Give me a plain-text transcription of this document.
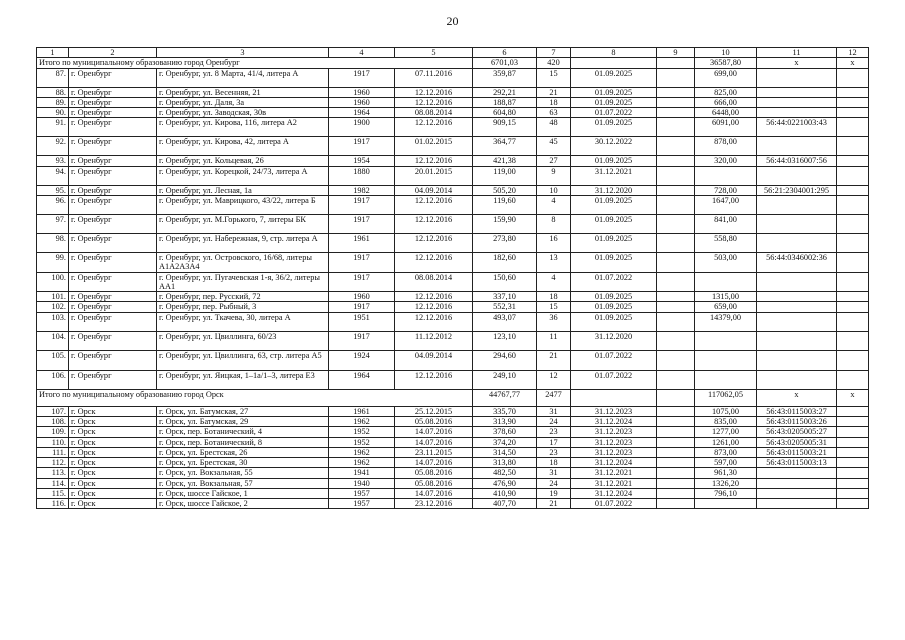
20
1	2	3	4	5	6	7	8	9	10	11	12
Итого по муниципальному образованию город Оренбург					6701,03	420			36587,80	х	х
87.	г. Оренбург	г. Оренбург, ул. 8 Марта, 41/4, литера А	1917	07.11.2016	359,87	15	01.09.2025		699,00		
88.	г. Оренбург	г. Оренбург, ул. Весенняя, 21	1960	12.12.2016	292,21	21	01.09.2025		825,00		
89.	г. Оренбург	г. Оренбург, ул. Даля, 3а	1960	12.12.2016	188,87	18	01.09.2025		666,00		
90.	г. Оренбург	г. Оренбург, ул. Заводская, 30в	1964	08.08.2014	604,80	63	01.07.2022		6448,00		
91.	г. Оренбург	г. Оренбург, ул. Кирова, 116, литера А2	1900	12.12.2016	909,15	48	01.09.2025		6091,00	56:44:0221003:43	
92.	г. Оренбург	г. Оренбург, ул. Кирова, 42, литера А	1917	01.02.2015	364,77	45	30.12.2022		878,00		
93.	г. Оренбург	г. Оренбург, ул. Кольцевая, 26	1954	12.12.2016	421,38	27	01.09.2025		320,00	56:44:0316007:56	
94.	г. Оренбург	г. Оренбург, ул. Корецкой, 24/73, литера А	1880	20.01.2015	119,00	9	31.12.2021				
95.	г. Оренбург	г. Оренбург, ул. Лесная, 1а	1982	04.09.2014	505,20	10	31.12.2020		728,00	56:21:2304001:295	
96.	г. Оренбург	г. Оренбург, ул. Маврицкого, 43/22, литера Б	1917	12.12.2016	119,60	4	01.09.2025		1647,00		
97.	г. Оренбург	г. Оренбург, ул. М.Горького, 7, литеры БК	1917	12.12.2016	159,90	8	01.09.2025		841,00		
98.	г. Оренбург	г. Оренбург, ул. Набережная, 9, стр. литера А	1961	12.12.2016	273,80	16	01.09.2025		558,80		
99.	г. Оренбург	г. Оренбург, ул. Островского, 16/68, литеры А1А2А3А4	1917	12.12.2016	182,60	13	01.09.2025		503,00	56:44:0346002:36	
100.	г. Оренбург	г. Оренбург, ул. Пугачевская 1-я, 36/2, литеры АА1	1917	08.08.2014	150,60	4	01.07.2022				
101.	г. Оренбург	г. Оренбург, пер. Русский, 72	1960	12.12.2016	337,10	18	01.09.2025		1315,00		
102.	г. Оренбург	г. Оренбург, пер. Рыбный, 3	1917	12.12.2016	552,31	15	01.09.2025		659,00		
103.	г. Оренбург	г. Оренбург, ул. Ткачева, 30, литера А	1951	12.12.2016	493,07	36	01.09.2025		14379,00		
104.	г. Оренбург	г. Оренбург, ул. Цвиллинга, 60/23	1917	11.12.2012	123,10	11	31.12.2020				
105.	г. Оренбург	г. Оренбург, ул. Цвиллинга, 63, стр. литера А5	1924	04.09.2014	294,60	21	01.07.2022				
106.	г. Оренбург	г. Оренбург, ул. Яицкая, 1–1а/1–3, литера Е3	1964	12.12.2016	249,10	12	01.07.2022				
Итого по муниципальному образованию город Орск					44767,77	2477			117062,05	х	х
107.	г. Орск	г. Орск, ул. Батумская, 27	1961	25.12.2015	335,70	31	31.12.2023		1075,00	56:43:0115003:27	
108.	г. Орск	г. Орск, ул. Батумская, 29	1962	05.08.2016	313,90	24	31.12.2024		835,00	56:43:0115003:26	
109.	г. Орск	г. Орск, пер. Ботанический, 4	1952	14.07.2016	378,60	23	31.12.2023		1277,00	56:43:0205005:27	
110.	г. Орск	г. Орск, пер. Ботанический, 8	1952	14.07.2016	374,20	17	31.12.2023		1261,00	56:43:0205005:31	
111.	г. Орск	г. Орск, ул. Брестская, 26	1962	23.11.2015	314,50	23	31.12.2023		873,00	56:43:0115003:21	
112.	г. Орск	г. Орск, ул. Брестская, 30	1962	14.07.2016	313,80	18	31.12.2024		597,00	56:43:0115003:13	
113.	г. Орск	г. Орск, ул. Вокзальная, 55	1941	05.08.2016	482,50	31	31.12.2021		961,30		
114.	г. Орск	г. Орск, ул. Вокзальная, 57	1940	05.08.2016	476,90	24	31.12.2021		1326,20		
115.	г. Орск	г. Орск, шоссе Гайское, 1	1957	14.07.2016	410,90	19	31.12.2024		796,10		
116.	г. Орск	г. Орск, шоссе Гайское, 2	1957	23.12.2016	407,70	21	01.07.2022				
